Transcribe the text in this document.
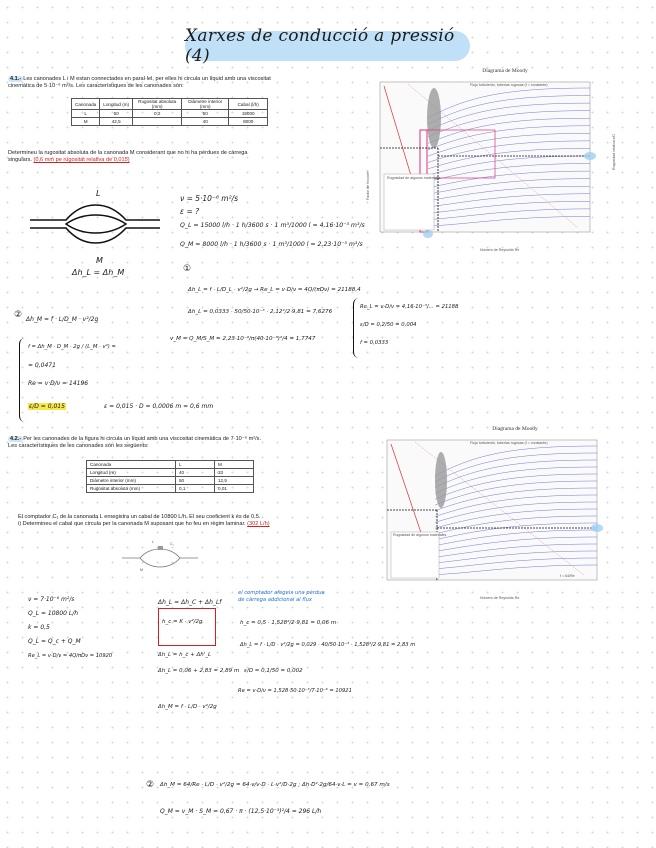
Xarxes de conducció a pressió (4)
4.1.- Les canonades L i M estan connectades en paral·lel, per elles hi circula un líquid amb una viscositat
cinemàtica de 5·10⁻⁶ m²/s. Les característiques de les canonades són:
Canonada	Longitud (m)	Rugositat absoluta (mm)	Diàmetre interior (mm)	Cabal (l/h)
L	50	0,2	50	15000
M	42,5		40	8000
Determineu la rugositat absoluta de la canonada M considerant que no hi ha pèrdues de càrrega
singulars. (0,6 mm pe rugositat relativa de 0,015)
L
M
Δh_L = Δh_M
ν = 5·10⁻⁶ m²/s
ε = ?
Q_L = 15000 l/h · 1 h/3600 s · 1 m³/1000 l = 4,16·10⁻³ m³/s
Q_M = 8000 l/h · 1 h/3600 s · 1 m³/1000 l = 2,23·10⁻³ m³/s
①
Δh_L = f · L/D_L · v²/2g → Re_L = v·D/ν = 4Q/(πDν) = 21188,4
Δh_L = 0,0333 · 50/50·10⁻³ · 2,12²/2·9,81 = 7,6276
Re_L = v·D/ν = 4,16·10⁻³/... = 21188
ε/D = 0,2/50 = 0,004
f = 0,0333
v_M = Q_M/S_M = 2,23·10⁻³/π(40·10⁻³)²/4 = 1,7747
② Δh_M = f · L/D_M · v²/2g
f = Δh_M · D_M · 2g / (L_M · v²) =
= 0,0471
Re = v·D/ν = 14196
ε/D = 0,015	ε = 0,015 · D = 0,0006 m = 0,6 mm
Diagrama de Moody
Rugosidad de algunos materiales
Flujo turbulento, tuberías rugosas (f = constante)
Número de Reynolds Re
Factor de fricción f
Rugosidad relativa ε/D
4.2.- Per les canonades de la figura hi circula un líquid amb una viscositat cinemàtica de 7·10⁻⁶ m²/s.
Les característiques de les canonades són les següents:
Canonada	L	M
Longitud (m)	40	33
Diàmetre interior (mm)	50	12,5
Rugositat absoluta (mm)	0,1	0,01
El comptador C₁ de la canonada L enregistra un cabal de 10800 L/h. El seu coeficient k és de 0,5.
i) Determineu el cabal que circula per la canonada M suposant que ho feu en règim laminar. (302 L/h)
L	C₁
M
ν = 7·10⁻⁶ m²/s
Q_L = 10800 L/h
k = 0,5
Q_L = Q_c + Q_M
Re_L = v·D/ν = 4Q/πDν = 10920
Δh_L = Δh_C + Δh_Lf
h_c = K · v²/2g
el comptador afegeix una pèrdua de càrrega addicional al flux
h_c = 0,5 · 1,528²/2·9,81 = 0,06 m
Δh_L = f · L/D · v²/2g = 0,029 · 40/50·10⁻³ · 1,528²/2·9,81 = 2,83 m
Δh_L = h_c + Δh'_L
Δh_L = 0,06 + 2,83 = 2,89 m ε/D = 0,1/50 = 0,002
Re = v·D/ν = 1,528·50·10⁻³/7·10⁻⁶ = 10921
Δh_M = f · L/D · v²/2g
② Δh_M = 64/Re · L/D · v²/2g = 64·ν/v·D · L·v²/D·2g ; Δh·D²·2g/64·ν·L = v = 0,67 m/s
Q_M = v_M · S_M = 0,67 · π · (12,5·10⁻³)²/4 = 296 L/h
Diagrama de Moody
Rugosidad de algunos materiales
Flujo turbulento, tuberías rugosas (f = constante)
Número de Reynolds Re
f = 64/Re
